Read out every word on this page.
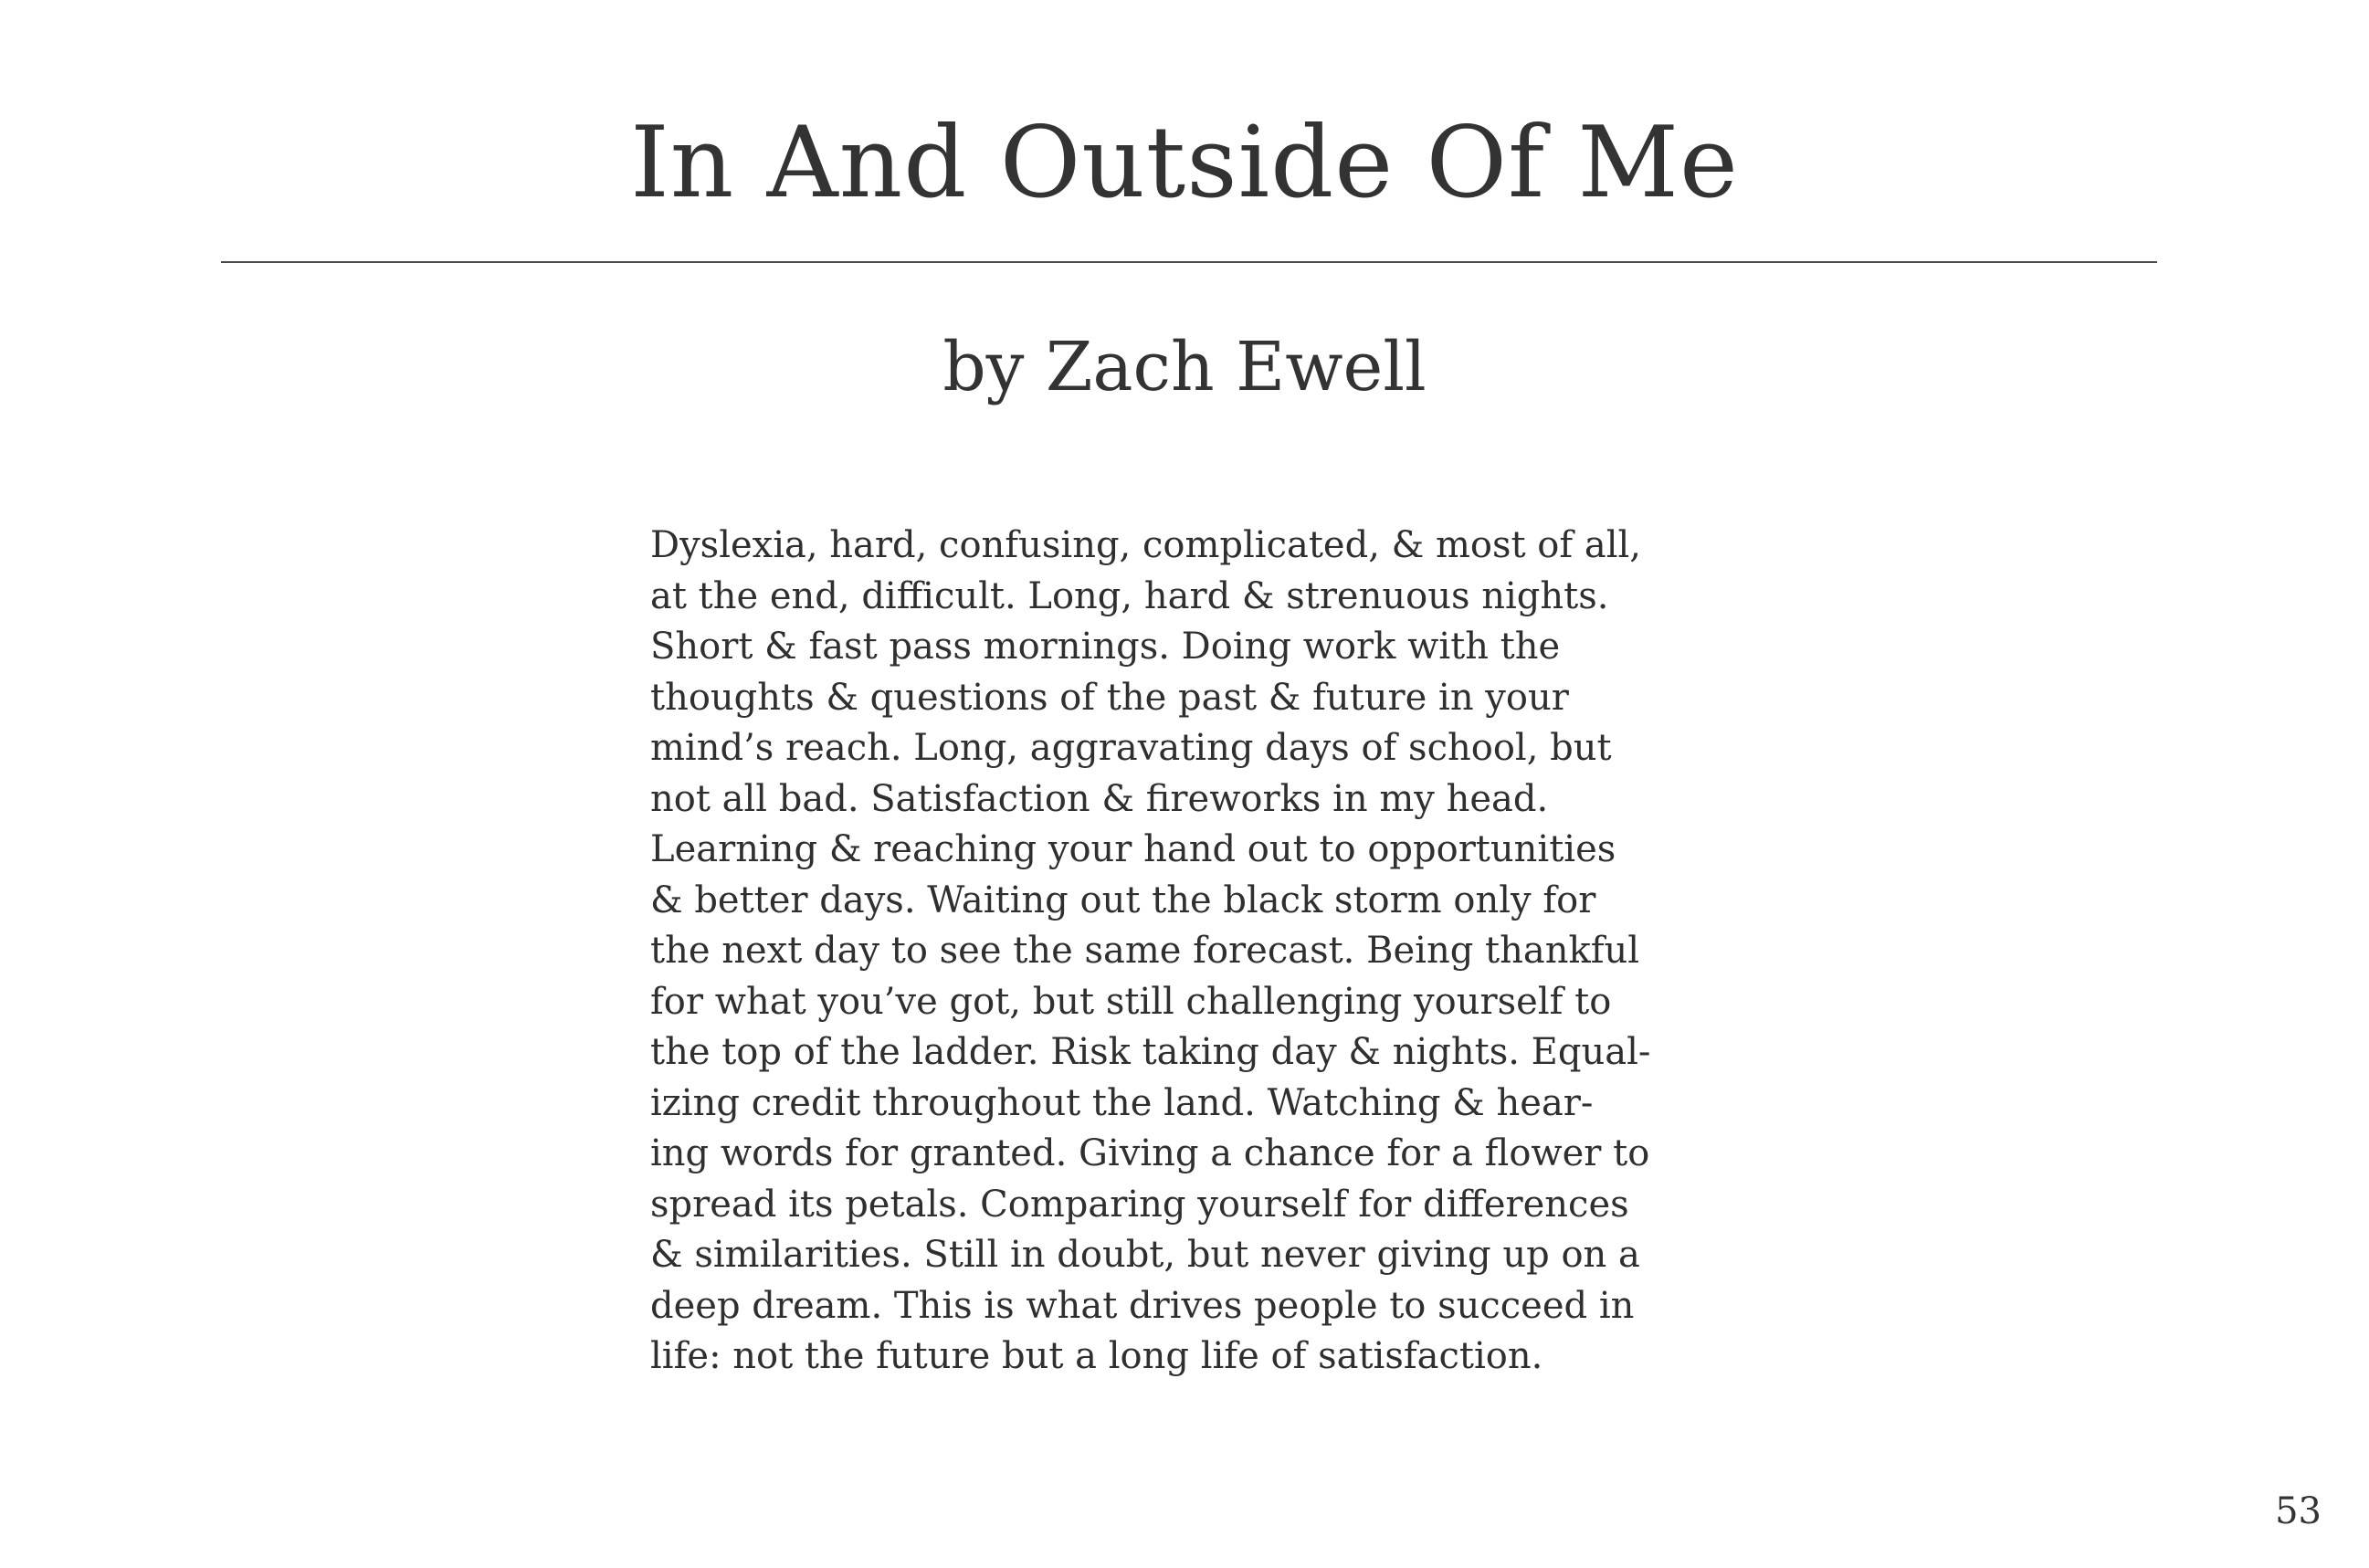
In And Outside Of Me
by Zach Ewell
Dyslexia, hard, confusing, complicated, & most of all,
at the end, difficult. Long, hard & strenuous nights.
Short & fast pass mornings. Doing work with the
thoughts & questions of the past & future in your
mind’s reach. Long, aggravating days of school, but
not all bad. Satisfaction & fireworks in my head.
Learning & reaching your hand out to opportunities
& better days. Waiting out the black storm only for
the next day to see the same forecast. Being thankful
for what you’ve got, but still challenging yourself to
the top of the ladder. Risk taking day & nights. Equal-
izing credit throughout the land. Watching & hear-
ing words for granted. Giving a chance for a flower to
spread its petals. Comparing yourself for differences
& similarities. Still in doubt, but never giving up on a
deep dream. This is what drives people to succeed in
life: not the future but a long life of satisfaction.
53
